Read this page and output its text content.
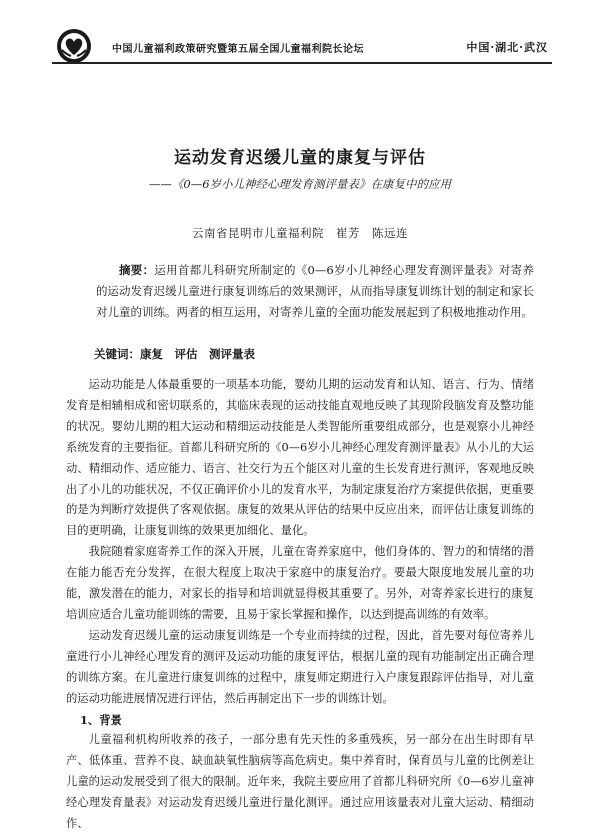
中国儿童福利政策研究暨第五届全国儿童福利院长论坛	中国·湖北·武汉
运动发育迟缓儿童的康复与评估
——《0—6岁小儿神经心理发育测评量表》在康复中的应用
云南省昆明市儿童福利院　崔芳　陈远连
摘要：运用首都儿科研究所制定的《0—6岁小儿神经心理发育测评量表》对寄养的运动发育迟缓儿童进行康复训练后的效果测评，从而指导康复训练计划的制定和家长对儿童的训练。两者的相互运用，对寄养儿童的全面功能发展起到了积极地推动作用。
关键词：康复　评估　测评量表

运动功能是人体最重要的一项基本功能，婴幼儿期的运动发育和认知、语言、行为、情绪发育是相辅相成和密切联系的，其临床表现的运动技能直观地反映了其现阶段脑发育及整功能的状况。婴幼儿期的粗大运动和精细运动技能是人类智能所重要组成部分，也是观察小儿神经系统发育的主要指征。首都儿科研究所的《0—6岁小儿神经心理发育测评量表》从小儿的大运动、精细动作、适应能力、语言、社交行为五个能区对儿童的生长发育进行测评，客观地反映出了小儿的功能状况，不仅正确评价小儿的发育水平，为制定康复治疗方案提供依据，更重要的是为判断疗效提供了客观依据。康复的效果从评估的结果中反应出来，而评估让康复训练的目的更明确，让康复训练的效果更加细化、量化。

我院随着家庭寄养工作的深入开展，儿童在寄养家庭中，他们身体的、智力的和情绪的潜在能力能否充分发挥，在很大程度上取决于家庭中的康复治疗。要最大限度地发展儿童的功能，激发潜在的能力，对家长的指导和培训就显得极其重要了。另外，对寄养家长进行的康复培训应适合儿童功能训练的需要，且易于家长掌握和操作，以达到提高训练的有效率。

运动发育迟缓儿童的运动康复训练是一个专业而持续的过程，因此，首先要对每位寄养儿童进行小儿神经心理发育的测评及运动功能的康复评估，根据儿童的现有功能制定出正确合理的训练方案。在儿童进行康复训练的过程中，康复师定期进行入户康复跟踪评估指导，对儿童的运动功能进展情况进行评估，然后再制定出下一步的训练计划。

1、背景

儿童福利机构所收养的孩子，一部分患有先天性的多重残疾，另一部分在出生时即有早产、低体重、营养不良、缺血缺氧性脑病等高危病史。集中养育时，保育员与儿童的比例差让儿童的运动发展受到了很大的限制。近年来，我院主要应用了首都儿科研究所《0—6岁儿童神经心理发育量表》对运动发育迟缓儿童进行量化测评。通过应用该量表对儿童大运动、精细动作、
